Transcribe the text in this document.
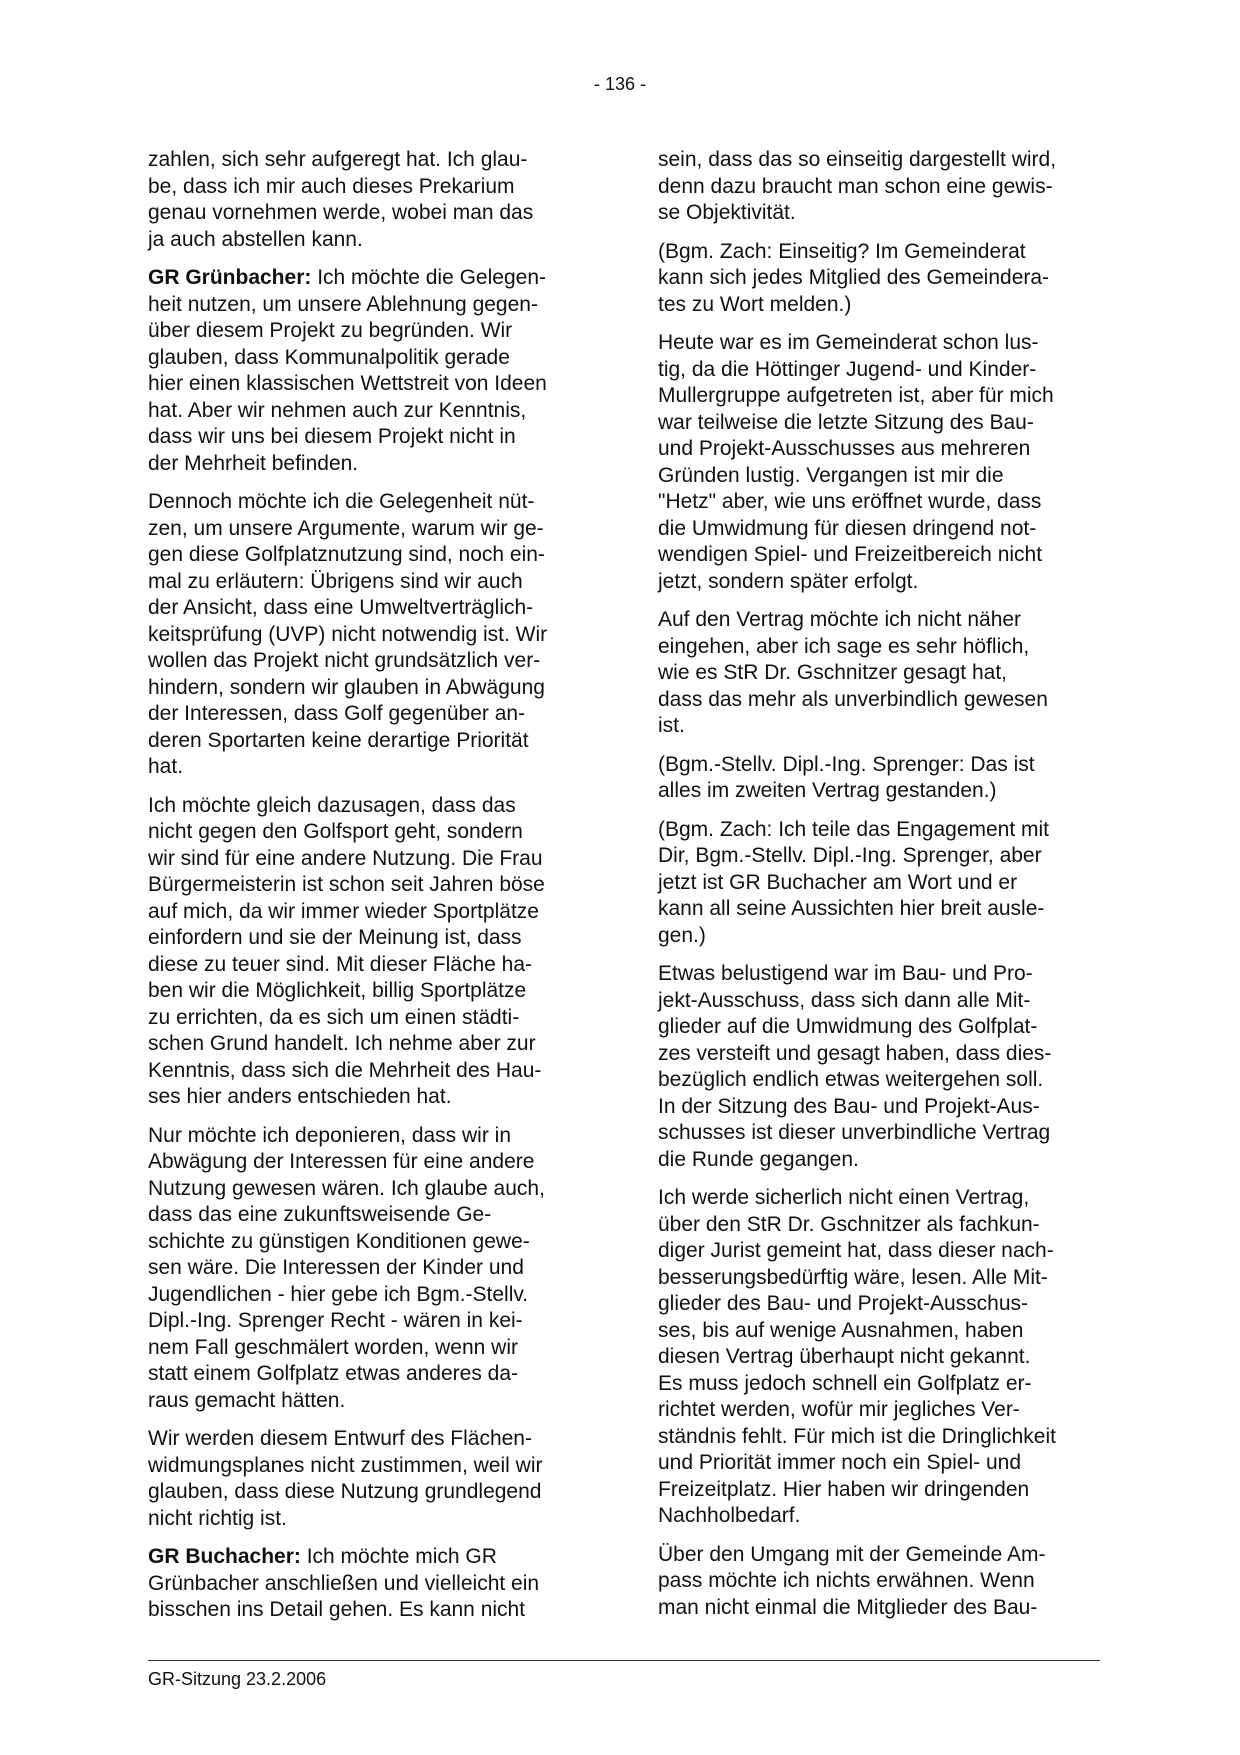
- 136 -
zahlen, sich sehr aufgeregt hat. Ich glau-
be, dass ich mir auch dieses Prekarium
genau vornehmen werde, wobei man das
ja auch abstellen kann.
GR Grünbacher: Ich möchte die Gelegen-
heit nutzen, um unsere Ablehnung gegen-
über diesem Projekt zu begründen. Wir
glauben, dass Kommunalpolitik gerade
hier einen klassischen Wettstreit von Ideen
hat. Aber wir nehmen auch zur Kenntnis,
dass wir uns bei diesem Projekt nicht in
der Mehrheit befinden.
Dennoch möchte ich die Gelegenheit nüt-
zen, um unsere Argumente, warum wir ge-
gen diese Golfplatznutzung sind, noch ein-
mal zu erläutern: Übrigens sind wir auch
der Ansicht, dass eine Umweltverträglich-
keitsprüfung (UVP) nicht notwendig ist. Wir
wollen das Projekt nicht grundsätzlich ver-
hindern, sondern wir glauben in Abwägung
der Interessen, dass Golf gegenüber an-
deren Sportarten keine derartige Priorität
hat.
Ich möchte gleich dazusagen, dass das
nicht gegen den Golfsport geht, sondern
wir sind für eine andere Nutzung. Die Frau
Bürgermeisterin ist schon seit Jahren böse
auf mich, da wir immer wieder Sportplätze
einfordern und sie der Meinung ist, dass
diese zu teuer sind. Mit dieser Fläche ha-
ben wir die Möglichkeit, billig Sportplätze
zu errichten, da es sich um einen städti-
schen Grund handelt. Ich nehme aber zur
Kenntnis, dass sich die Mehrheit des Hau-
ses hier anders entschieden hat.
Nur möchte ich deponieren, dass wir in
Abwägung der Interessen für eine andere
Nutzung gewesen wären. Ich glaube auch,
dass das eine zukunftsweisende Ge-
schichte zu günstigen Konditionen gewe-
sen wäre. Die Interessen der Kinder und
Jugendlichen - hier gebe ich Bgm.-Stellv.
Dipl.-Ing. Sprenger Recht - wären in kei-
nem Fall geschmälert worden, wenn wir
statt einem Golfplatz etwas anderes da-
raus gemacht hätten.
Wir werden diesem Entwurf des Flächen-
widmungsplanes nicht zustimmen, weil wir
glauben, dass diese Nutzung grundlegend
nicht richtig ist.
GR Buchacher: Ich möchte mich GR
Grünbacher anschließen und vielleicht ein
bisschen ins Detail gehen. Es kann nicht
sein, dass das so einseitig dargestellt wird,
denn dazu braucht man schon eine gewis-
se Objektivität.
(Bgm. Zach: Einseitig? Im Gemeinderat
kann sich jedes Mitglied des Gemeindera-
tes zu Wort melden.)
Heute war es im Gemeinderat schon lus-
tig, da die Höttinger Jugend- und Kinder-
Mullergruppe aufgetreten ist, aber für mich
war teilweise die letzte Sitzung des Bau-
und Projekt-Ausschusses aus mehreren
Gründen lustig. Vergangen ist mir die
"Hetz" aber, wie uns eröffnet wurde, dass
die Umwidmung für diesen dringend not-
wendigen Spiel- und Freizeitbereich nicht
jetzt, sondern später erfolgt.
Auf den Vertrag möchte ich nicht näher
eingehen, aber ich sage es sehr höflich,
wie es StR Dr. Gschnitzer gesagt hat,
dass das mehr als unverbindlich gewesen
ist.
(Bgm.-Stellv. Dipl.-Ing. Sprenger: Das ist
alles im zweiten Vertrag gestanden.)
(Bgm. Zach: Ich teile das Engagement mit
Dir, Bgm.-Stellv. Dipl.-Ing. Sprenger, aber
jetzt ist GR Buchacher am Wort und er
kann all seine Aussichten hier breit ausle-
gen.)
Etwas belustigend war im Bau- und Pro-
jekt-Ausschuss, dass sich dann alle Mit-
glieder auf die Umwidmung des Golfplat-
zes versteift und gesagt haben, dass dies-
bezüglich endlich etwas weitergehen soll.
In der Sitzung des Bau- und Projekt-Aus-
schusses ist dieser unverbindliche Vertrag
die Runde gegangen.
Ich werde sicherlich nicht einen Vertrag,
über den StR Dr. Gschnitzer als fachkun-
diger Jurist gemeint hat, dass dieser nach-
besserungsbedürftig wäre, lesen. Alle Mit-
glieder des Bau- und Projekt-Ausschus-
ses, bis auf wenige Ausnahmen, haben
diesen Vertrag überhaupt nicht gekannt.
Es muss jedoch schnell ein Golfplatz er-
richtet werden, wofür mir jegliches Ver-
ständnis fehlt. Für mich ist die Dringlichkeit
und Priorität immer noch ein Spiel- und
Freizeitplatz. Hier haben wir dringenden
Nachholbedarf.
Über den Umgang mit der Gemeinde Am-
pass möchte ich nichts erwähnen. Wenn
man nicht einmal die Mitglieder des Bau-
GR-Sitzung 23.2.2006
